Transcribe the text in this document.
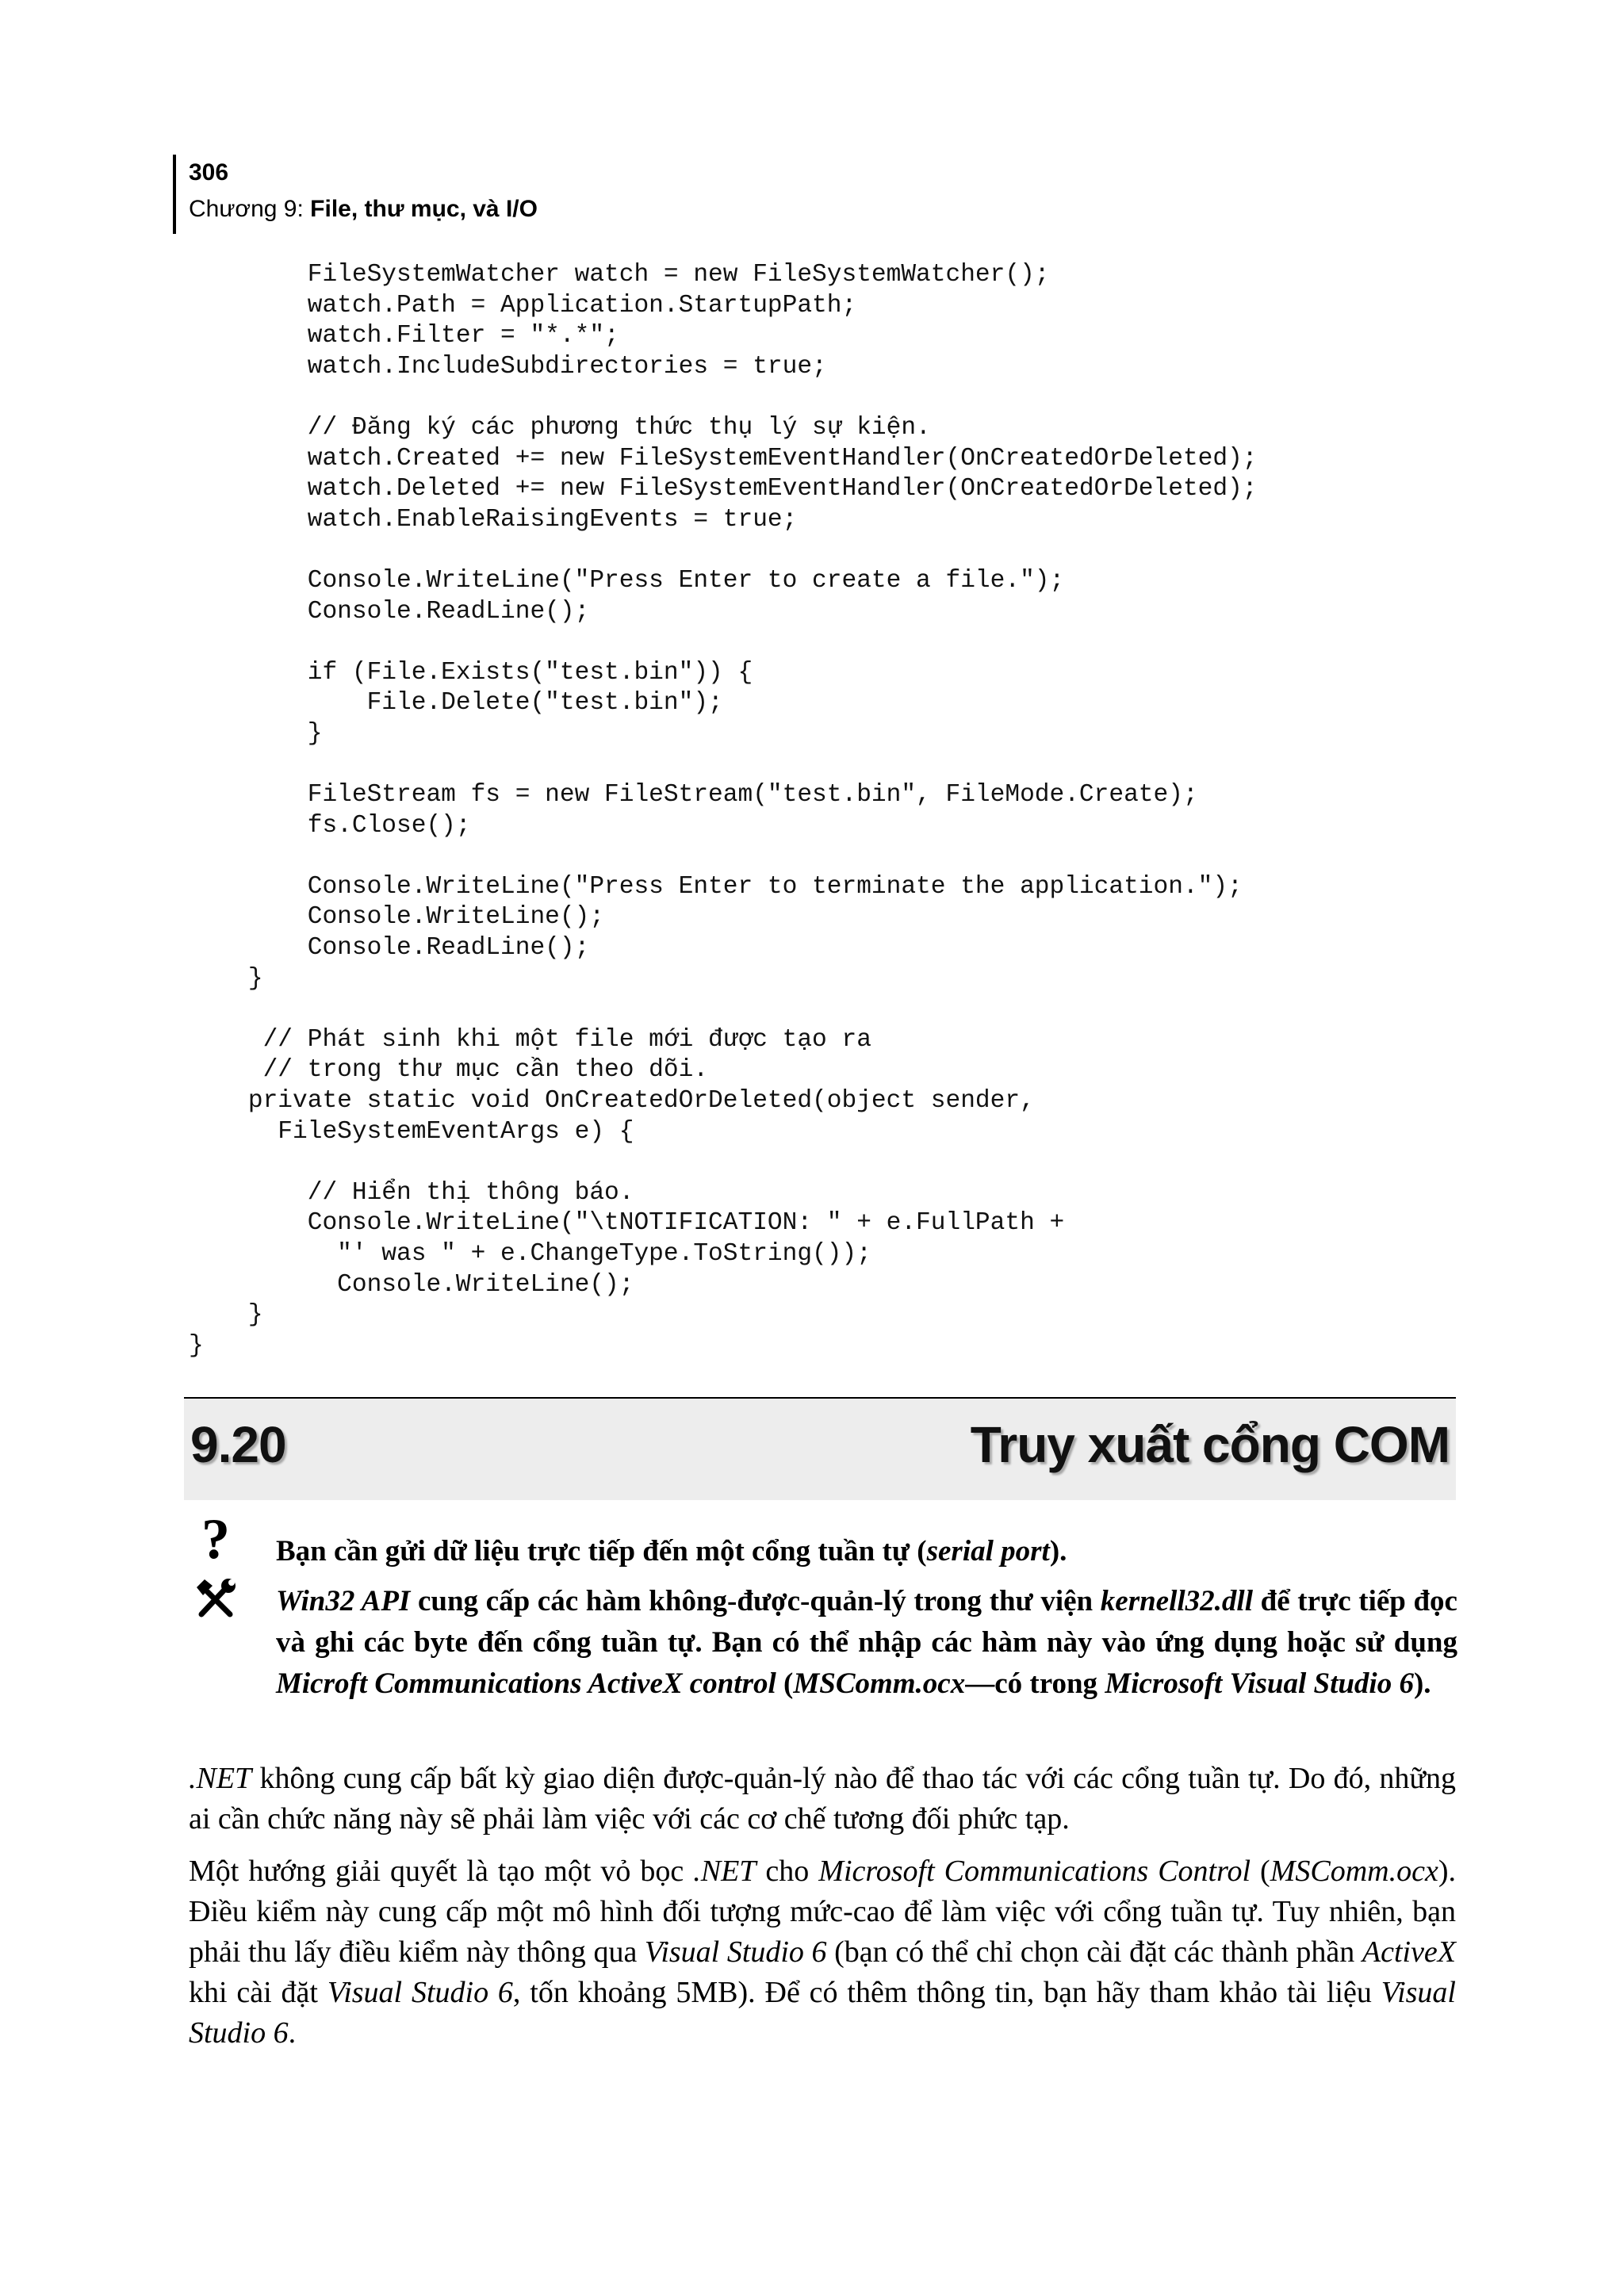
306
Chương 9: File, thư mục, và I/O
FileSystemWatcher watch = new FileSystemWatcher();
watch.Path = Application.StartupPath;
watch.Filter = "*.*";
watch.IncludeSubdirectories = true;

// Đăng ký các phương thức thụ lý sự kiện.
watch.Created += new FileSystemEventHandler(OnCreatedOrDeleted);
watch.Deleted += new FileSystemEventHandler(OnCreatedOrDeleted);
watch.EnableRaisingEvents = true;

Console.WriteLine("Press Enter to create a file.");
Console.ReadLine();

if (File.Exists("test.bin")) {
File.Delete("test.bin");
}

FileStream fs = new FileStream("test.bin", FileMode.Create);
fs.Close();

Console.WriteLine("Press Enter to terminate the application.");
Console.WriteLine();
Console.ReadLine();
}

// Phát sinh khi một file mới được tạo ra
// trong thư mục cần theo dõi.
private static void OnCreatedOrDeleted(object sender,
FileSystemEventArgs e) {

// Hiển thị thông báo.
Console.WriteLine("\tNOTIFICATION: " + e.FullPath +
"' was " + e.ChangeType.ToString());
Console.WriteLine();
}
}
9.20	Truy xuất cổng COM
? Bạn cần gửi dữ liệu trực tiếp đến một cổng tuần tự (serial port).
Win32 API cung cấp các hàm không-được-quản-lý trong thư viện kernell32.dll để trực tiếp đọc và ghi các byte đến cổng tuần tự. Bạn có thể nhập các hàm này vào ứng dụng hoặc sử dụng Microft Communications ActiveX control (MSComm.ocx—có trong Microsoft Visual Studio 6).
.NET không cung cấp bất kỳ giao diện được-quản-lý nào để thao tác với các cổng tuần tự. Do đó, những ai cần chức năng này sẽ phải làm việc với các cơ chế tương đối phức tạp.
Một hướng giải quyết là tạo một vỏ bọc .NET cho Microsoft Communications Control (MSComm.ocx). Điều kiểm này cung cấp một mô hình đối tượng mức-cao để làm việc với cổng tuần tự. Tuy nhiên, bạn phải thu lấy điều kiểm này thông qua Visual Studio 6 (bạn có thể chỉ chọn cài đặt các thành phần ActiveX khi cài đặt Visual Studio 6, tốn khoảng 5MB). Để có thêm thông tin, bạn hãy tham khảo tài liệu Visual Studio 6.
